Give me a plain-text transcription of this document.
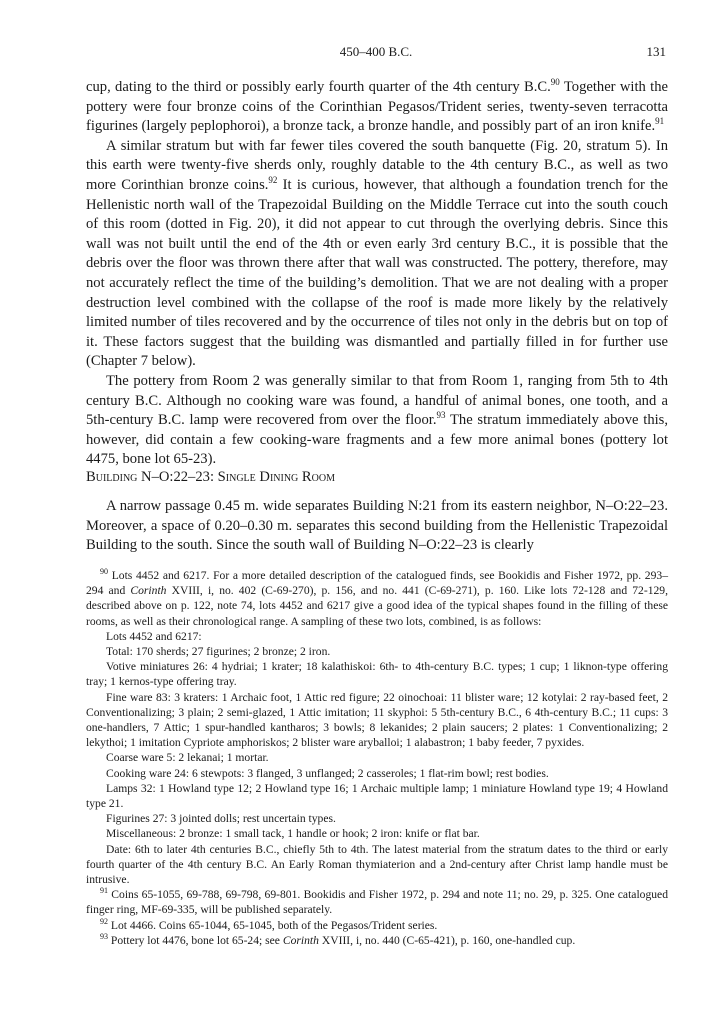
450–400 B.C.	131

cup, dating to the third or possibly early fourth quarter of the 4th century B.C.$^{90}$ Together with the pottery were four bronze coins of the Corinthian Pegasos/Trident series, twenty-seven terracotta figurines (largely peplophoroi), a bronze tack, a bronze handle, and possibly part of an iron knife.$^{91}$

A similar stratum but with far fewer tiles covered the south banquette (Fig. 20, stratum 5). In this earth were twenty-five sherds only, roughly datable to the 4th century B.C., as well as two more Corinthian bronze coins.$^{92}$ It is curious, however, that although a foundation trench for the Hellenistic north wall of the Trapezoidal Building on the Middle Terrace cut into the south couch of this room (dotted in Fig. 20), it did not appear to cut through the overlying debris. Since this wall was not built until the end of the 4th or even early 3rd century B.C., it is possible that the debris over the floor was thrown there after that wall was constructed. The pottery, therefore, may not accurately reflect the time of the building’s demolition. That we are not dealing with a proper destruction level combined with the collapse of the roof is made more likely by the relatively limited number of tiles recovered and by the occurrence of tiles not only in the debris but on top of it. These factors suggest that the building was dismantled and partially filled in for further use (Chapter 7 below).

The pottery from Room 2 was generally similar to that from Room 1, ranging from 5th to 4th century B.C. Although no cooking ware was found, a handful of animal bones, one tooth, and a 5th-century B.C. lamp were recovered from over the floor.$^{93}$ The stratum immediately above this, however, did contain a few cooking-ware fragments and a few more animal bones (pottery lot 4475, bone lot 65-23).

Building N–O:22–23: Single Dining Room

A narrow passage 0.45 m. wide separates Building N:21 from its eastern neighbor, N–O:22–23. Moreover, a space of 0.20–0.30 m. separates this second building from the Hellenistic Trapezoidal Building to the south. Since the south wall of Building N–O:22–23 is clearly

$^{90}$ Lots 4452 and 6217. For a more detailed description of the catalogued finds, see Bookidis and Fisher 1972, pp. 293–294 and Corinth XVIII, i, no. 402 (C-69-270), p. 156, and no. 441 (C-69-271), p. 160. Like lots 72-128 and 72-129, described above on p. 122, note 74, lots 4452 and 6217 give a good idea of the typical shapes found in the filling of these rooms, as well as their chronological range. A sampling of these two lots, combined, is as follows:

Lots 4452 and 6217:

Total: 170 sherds; 27 figurines; 2 bronze; 2 iron.

Votive miniatures 26: 4 hydriai; 1 krater; 18 kalathiskoi: 6th- to 4th-century B.C. types; 1 cup; 1 liknon-type offering tray; 1 kernos-type offering tray.

Fine ware 83: 3 kraters: 1 Archaic foot, 1 Attic red figure; 22 oinochoai: 11 blister ware; 12 kotylai: 2 ray-based feet, 2 Conventionalizing; 3 plain; 2 semi-glazed, 1 Attic imitation; 11 skyphoi: 5 5th-century B.C., 6 4th-century B.C.; 11 cups: 3 one-handlers, 7 Attic; 1 spur-handled kantharos; 3 bowls; 8 lekanides; 2 plain saucers; 2 plates: 1 Conventionalizing; 2 lekythoi; 1 imitation Cypriote amphoriskos; 2 blister ware aryballoi; 1 alabastron; 1 baby feeder, 7 pyxides.

Coarse ware 5: 2 lekanai; 1 mortar.

Cooking ware 24: 6 stewpots: 3 flanged, 3 unflanged; 2 casseroles; 1 flat-rim bowl; rest bodies.

Lamps 32: 1 Howland type 12; 2 Howland type 16; 1 Archaic multiple lamp; 1 miniature Howland type 19; 4 Howland type 21.

Figurines 27: 3 jointed dolls; rest uncertain types.

Miscellaneous: 2 bronze: 1 small tack, 1 handle or hook; 2 iron: knife or flat bar.

Date: 6th to later 4th centuries B.C., chiefly 5th to 4th. The latest material from the stratum dates to the third or early fourth quarter of the 4th century B.C. An Early Roman thymiaterion and a 2nd-century after Christ lamp handle must be intrusive.

$^{91}$ Coins 65-1055, 69-788, 69-798, 69-801. Bookidis and Fisher 1972, p. 294 and note 11; no. 29, p. 325. One catalogued finger ring, MF-69-335, will be published separately.

$^{92}$ Lot 4466. Coins 65-1044, 65-1045, both of the Pegasos/Trident series.

$^{93}$ Pottery lot 4476, bone lot 65-24; see Corinth XVIII, i, no. 440 (C-65-421), p. 160, one-handled cup.
